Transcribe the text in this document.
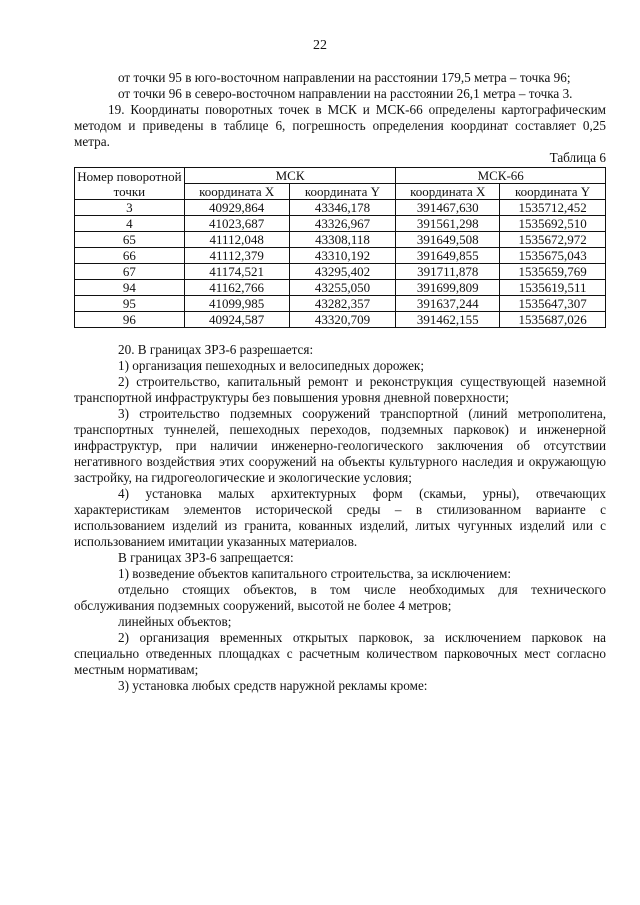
22

от точки 95 в юго-восточном направлении на расстоянии 179,5 метра – точка 96;

от точки 96 в северо-восточном направлении на расстоянии 26,1 метра – точка 3.

19. Координаты поворотных точек в МСК и МСК-66 определены картографическим методом и приведены в таблице 6, погрешность определения координат составляет 0,25 метра.

Таблица 6

Номер поворотной точки	МСК		МСК-66	
	координата X	координата Y	координата X	координата Y
3	40929,864	43346,178	391467,630	1535712,452
4	41023,687	43326,967	391561,298	1535692,510
65	41112,048	43308,118	391649,508	1535672,972
66	41112,379	43310,192	391649,855	1535675,043
67	41174,521	43295,402	391711,878	1535659,769
94	41162,766	43255,050	391699,809	1535619,511
95	41099,985	43282,357	391637,244	1535647,307
96	40924,587	43320,709	391462,155	1535687,026

20. В границах ЗРЗ-6 разрешается:

1) организация пешеходных и велосипедных дорожек;

2) строительство, капитальный ремонт и реконструкция существующей наземной транспортной инфраструктуры без повышения уровня дневной поверхности;

3) строительство подземных сооружений транспортной (линий метрополитена, транспортных туннелей, пешеходных переходов, подземных парковок) и инженерной инфраструктур, при наличии инженерно-геологического заключения об отсутствии негативного воздействия этих сооружений на объекты культурного наследия и окружающую застройку, на гидрогеологические и экологические условия;

4) установка малых архитектурных форм (скамьи, урны), отвечающих характеристикам элементов исторической среды – в стилизованном варианте с использованием изделий из гранита, кованных изделий, литых чугунных изделий или с использованием имитации указанных материалов.

В границах ЗРЗ-6 запрещается:

1) возведение объектов капитального строительства, за исключением:

отдельно стоящих объектов, в том числе необходимых для технического обслуживания подземных сооружений, высотой не более 4 метров;

линейных объектов;

2) организация временных открытых парковок, за исключением парковок на специально отведенных площадках с расчетным количеством парковочных мест согласно местным нормативам;

3) установка любых средств наружной рекламы кроме:
